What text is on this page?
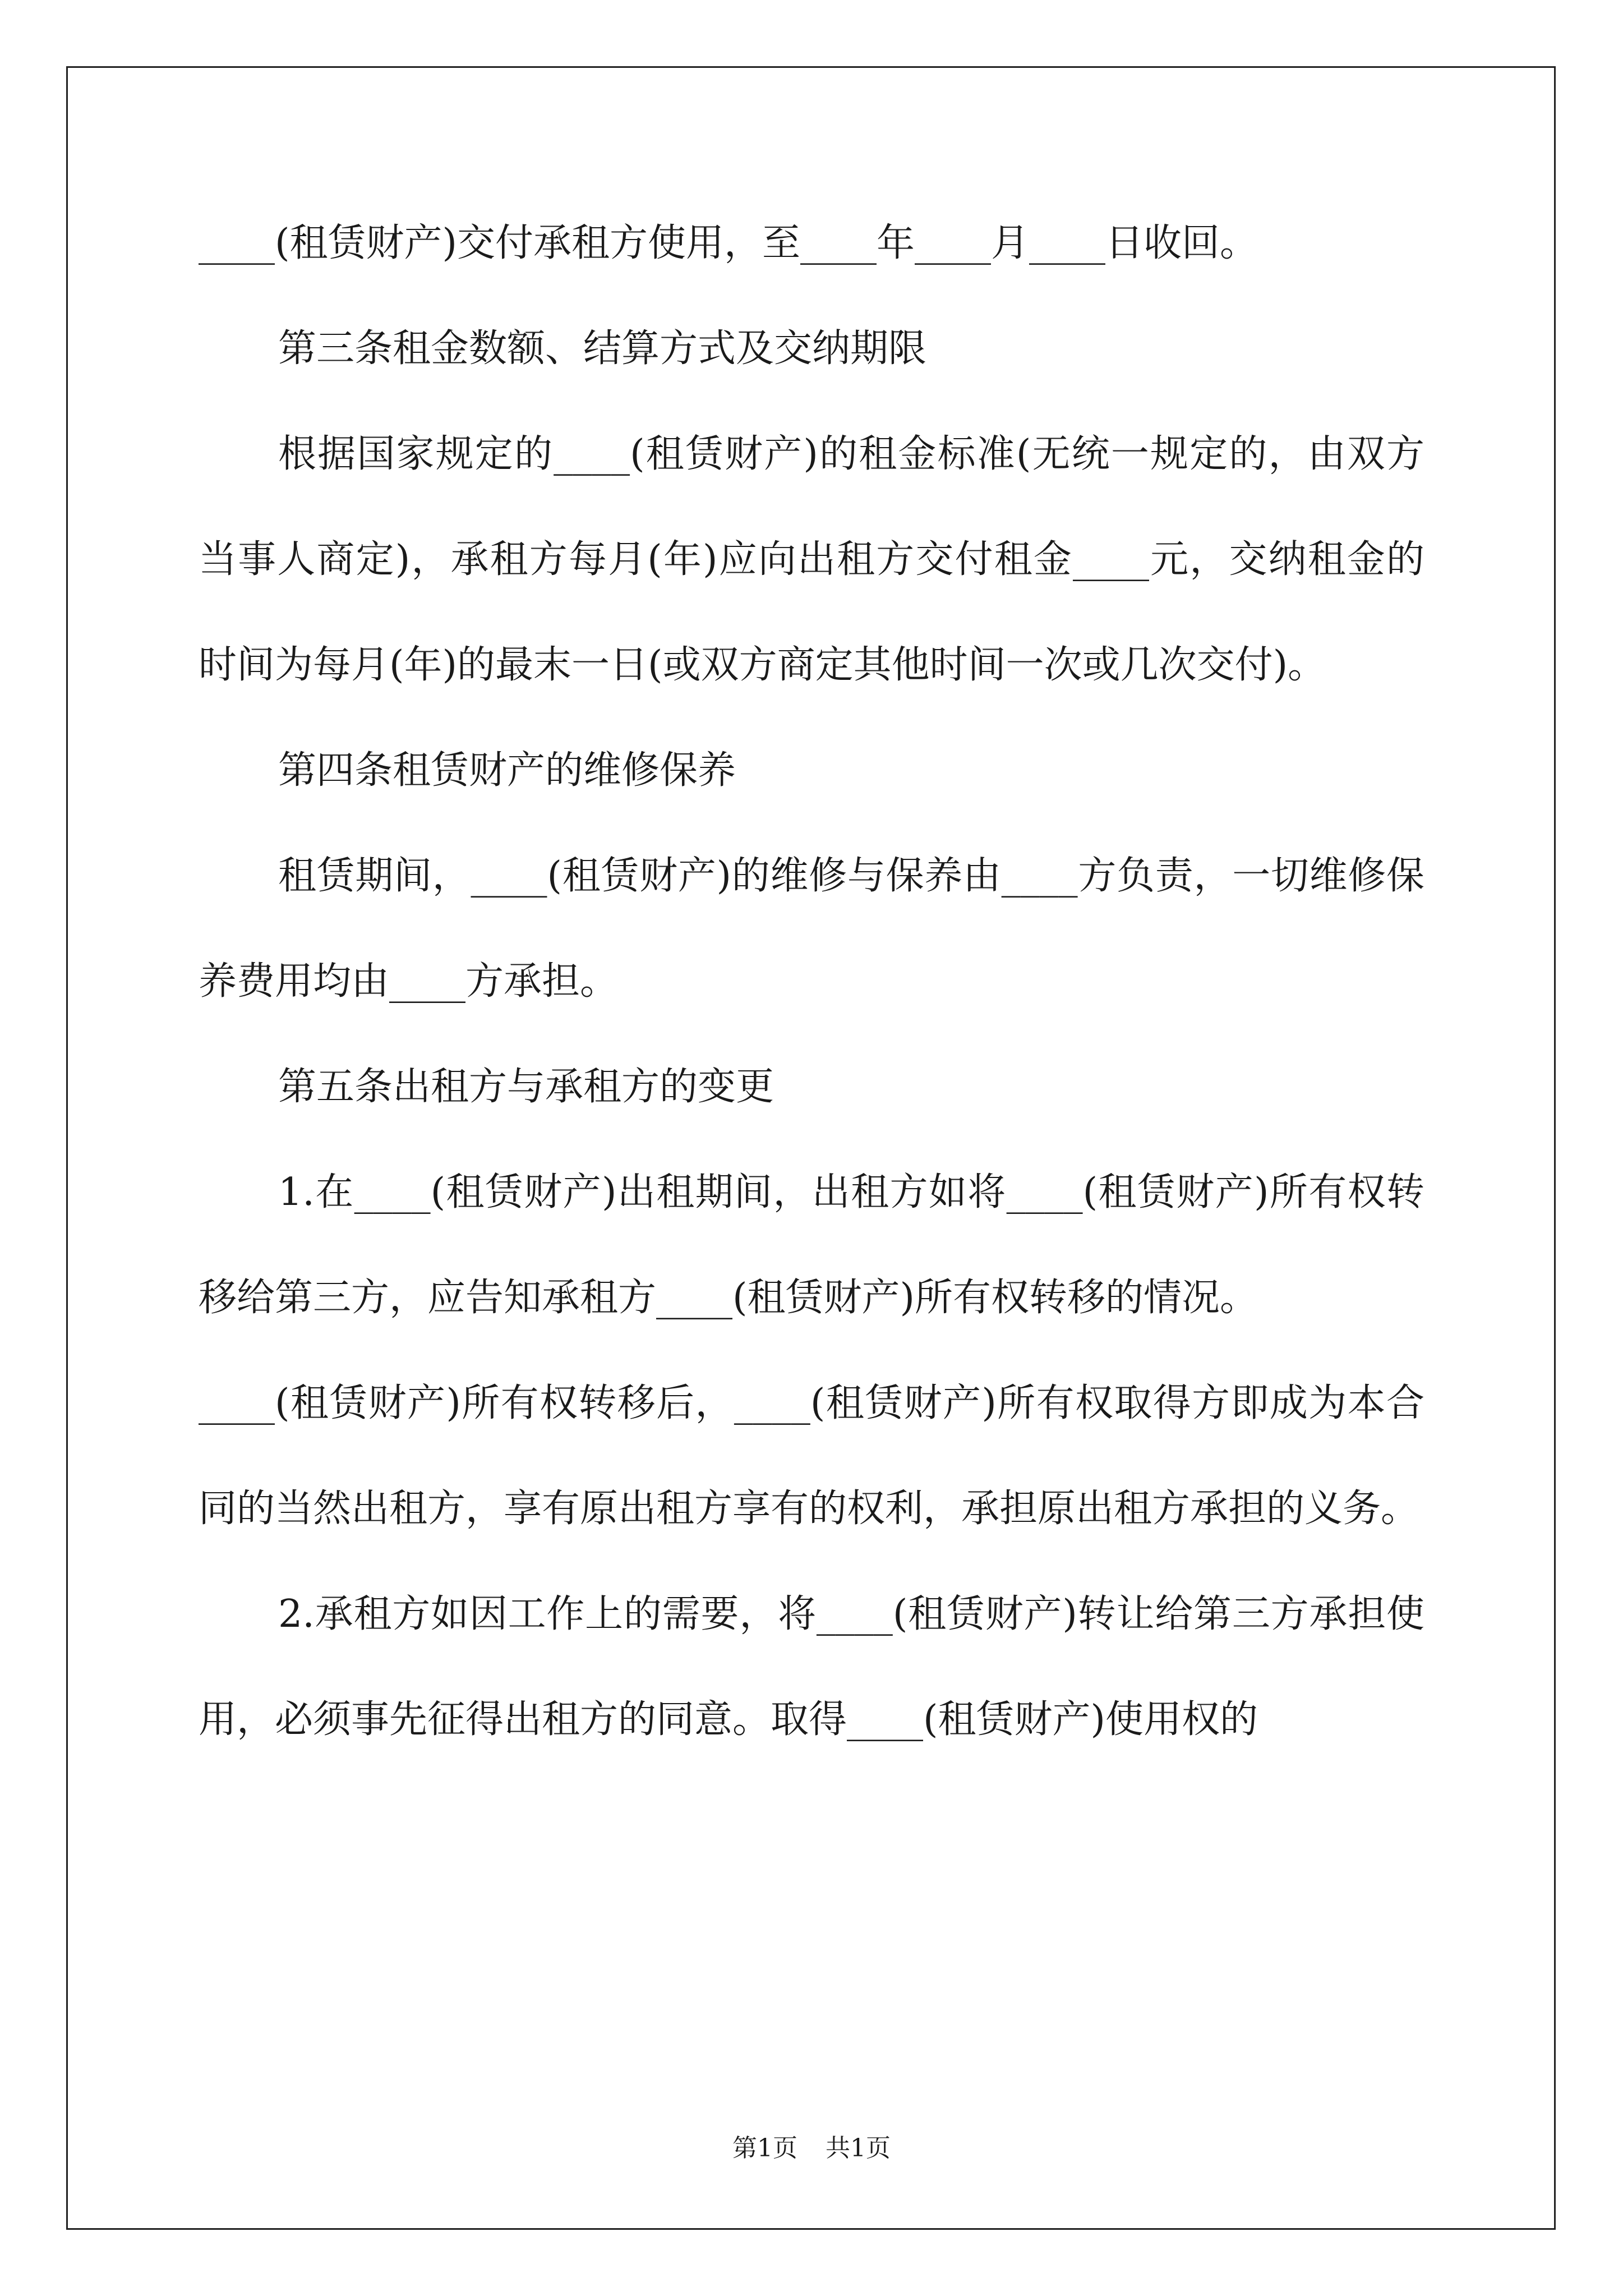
____(租赁财产)交付承租方使用，至____年____月____日收回。

第三条租金数额、结算方式及交纳期限

根据国家规定的____(租赁财产)的租金标准(无统一规定的，由双方当事人商定)，承租方每月(年)应向出租方交付租金____元，交纳租金的时间为每月(年)的最末一日(或双方商定其他时间一次或几次交付)。

第四条租赁财产的维修保养

租赁期间，____(租赁财产)的维修与保养由____方负责，一切维修保养费用均由____方承担。

第五条出租方与承租方的变更

1.在____(租赁财产)出租期间，出租方如将____(租赁财产)所有权转移给第三方，应告知承租方____(租赁财产)所有权转移的情况。

____(租赁财产)所有权转移后，____(租赁财产)所有权取得方即成为本合同的当然出租方，享有原出租方享有的权利，承担原出租方承担的义务。

2.承租方如因工作上的需要，将____(租赁财产)转让给第三方承担使用，必须事先征得出租方的同意。取得____(租赁财产)使用权的

第1页 共1页
